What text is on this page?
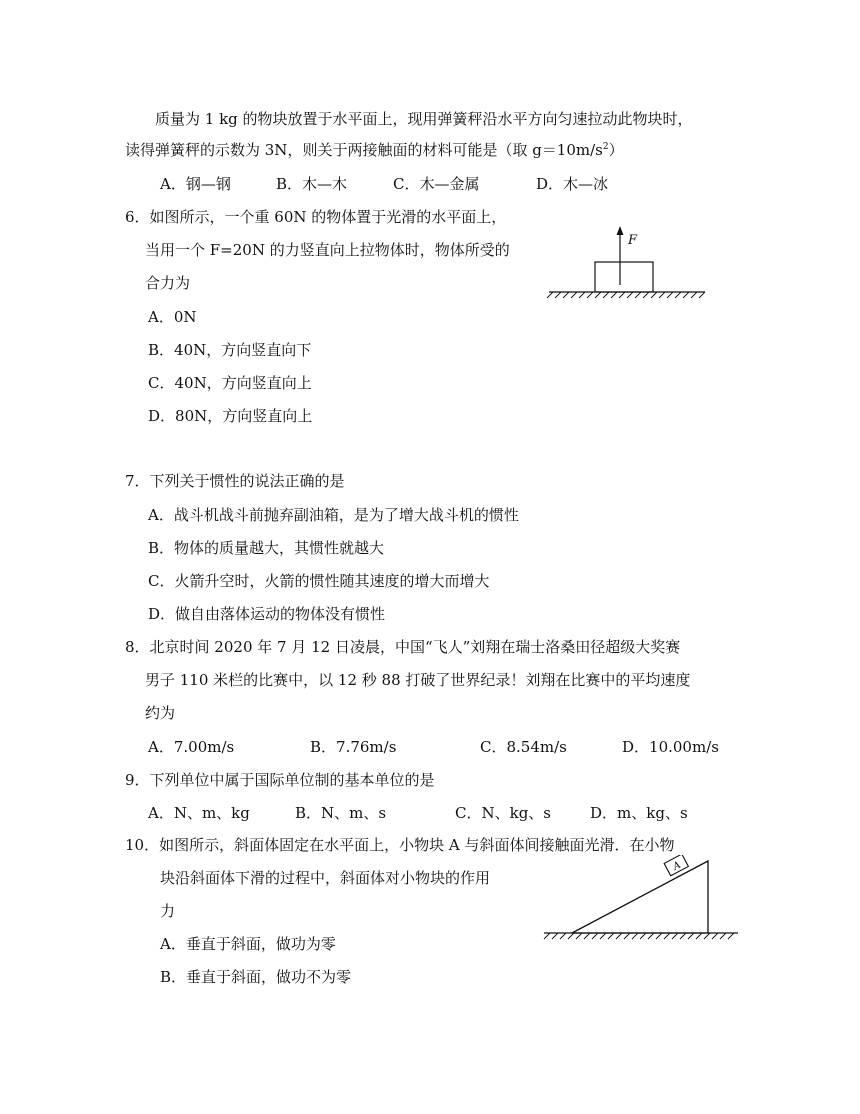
质量为 1 kg 的物块放置于水平面上，现用弹簧秤沿水平方向匀速拉动此物块时，
读得弹簧秤的示数为 3N，则关于两接触面的材料可能是（取 $g=10m/s^2$）
A．钢—钢	B．木—木	C．木—金属	D．木—冰
6．如图所示，一个重 60N 的物体置于光滑的水平面上，
当用一个 F=20N 的力竖直向上拉物体时，物体所受的
合力为
A．0N
B．40N，方向竖直向下
C．40N，方向竖直向上
D．80N，方向竖直向上
F
7．下列关于惯性的说法正确的是
A．战斗机战斗前抛弃副油箱，是为了增大战斗机的惯性
B．物体的质量越大，其惯性就越大
C．火箭升空时，火箭的惯性随其速度的增大而增大
D．做自由落体运动的物体没有惯性
8．北京时间 2020 年 7 月 12 日凌晨，中国“飞人”刘翔在瑞士洛桑田径超级大奖赛
男子 110 米栏的比赛中，以 12 秒 88 打破了世界纪录！刘翔在比赛中的平均速度
约为
A．7.00m/s	B．7.76m/s	C．8.54m/s	D．10.00m/s
9．下列单位中属于国际单位制的基本单位的是
A．N、m、kg	B．N、m、s	C．N、kg、s	D．m、kg、s
10．如图所示，斜面体固定在水平面上，小物块 A 与斜面体间接触面光滑．在小物
块沿斜面体下滑的过程中，斜面体对小物块的作用
力
A．垂直于斜面，做功为零
B．垂直于斜面，做功不为零
A
